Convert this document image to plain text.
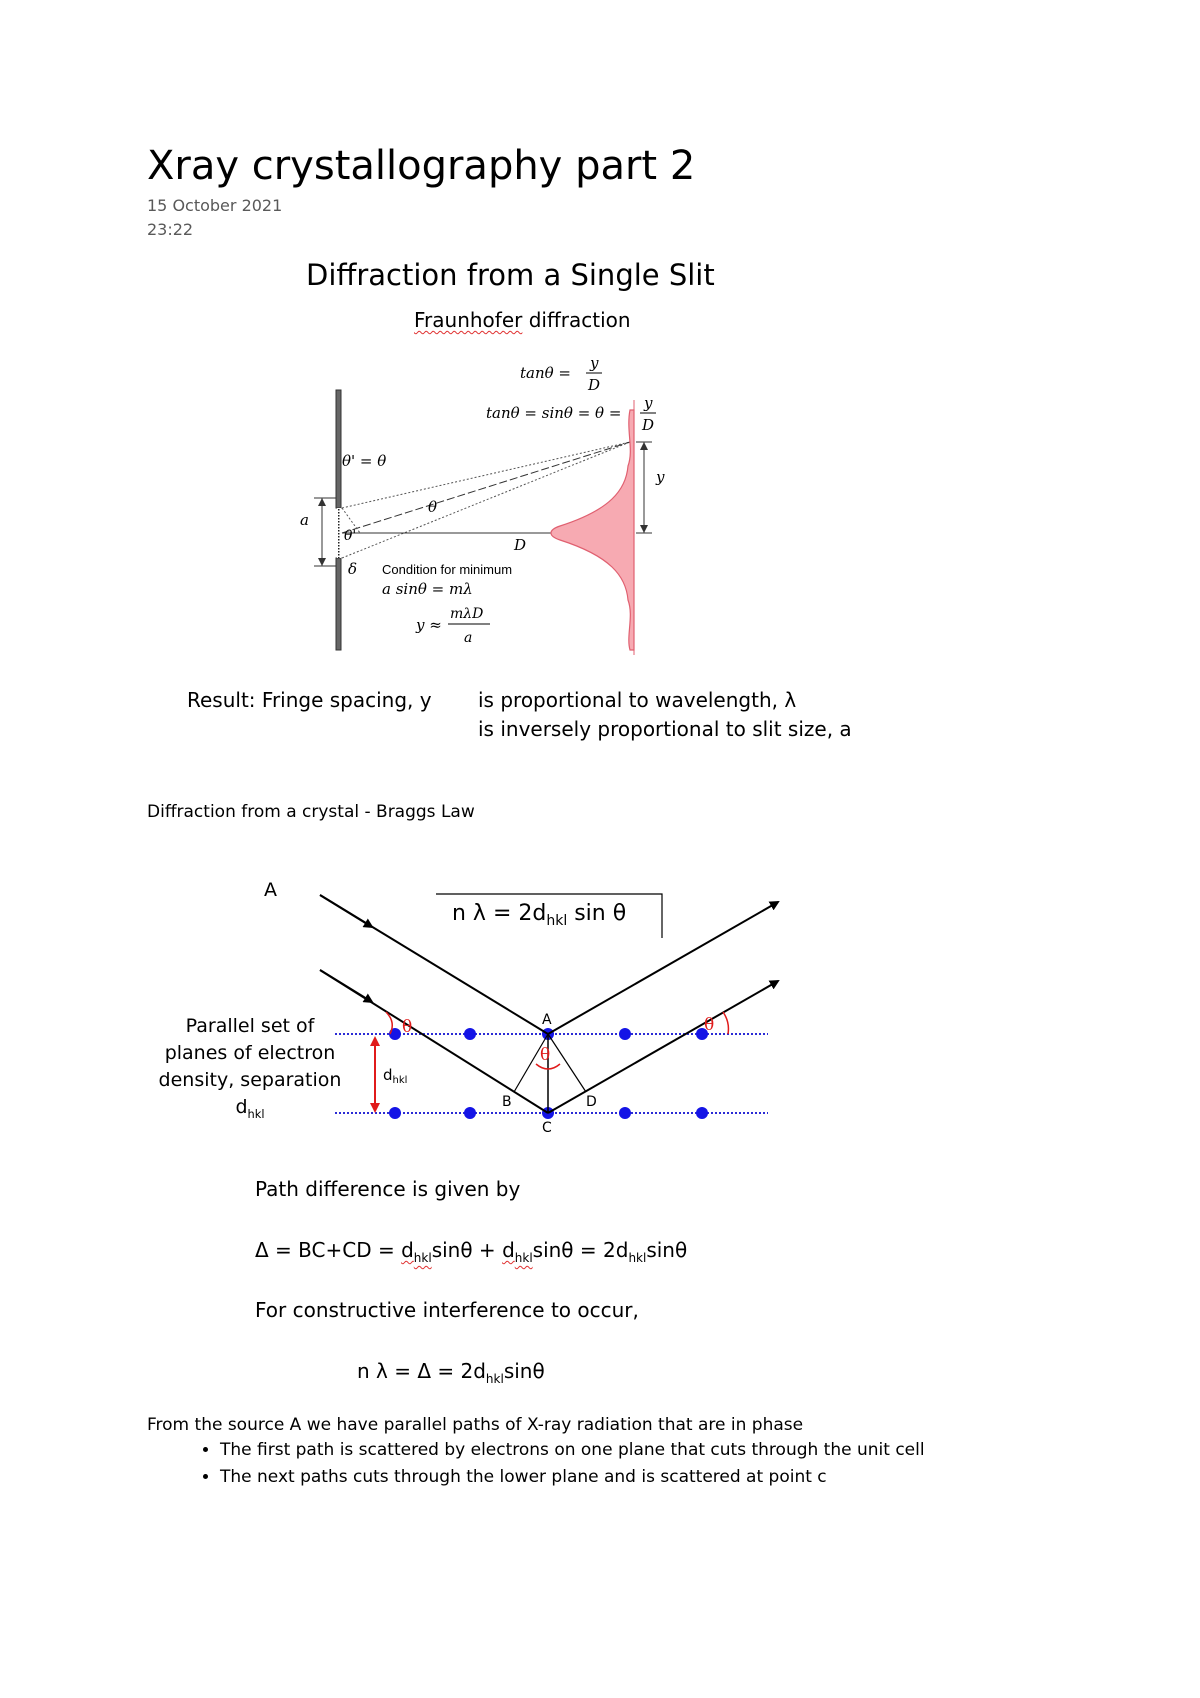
Xray crystallography part 2
15 October 2021
23:22
Diffraction from a Single Slit
Fraunhofer diffraction
tanθ =
y
D
tanθ = sinθ = θ =
y
D
θ' = θ
θ
θ'
a
D
y
δ Condition for minimum
a sinθ = mλ
y ≈
mλD
a
Result: Fringe spacing, y is proportional to wavelength, λ
is inversely proportional to slit size, a
Diffraction from a crystal - Braggs Law
A
n $\lambda = 2d_{hkl}$ sin θ
θ
θ
θ
$d_{hkl}$
A
B
C
D
Parallel set of
planes of electron
density, separation
$d_{hkl}$
Path difference is given by
$\Delta = BC+CD = d_{hkl}\sin\theta + d_{hkl}\sin\theta = 2d_{hkl}\sin\theta$
For constructive interference to occur,
n $\lambda = \Delta = 2d_{hkl}\sin\theta$
From the source A we have parallel paths of X-ray radiation that are in phase
• The first path is scattered by electrons on one plane that cuts through the unit cell
• The next paths cuts through the lower plane and is scattered at point c
